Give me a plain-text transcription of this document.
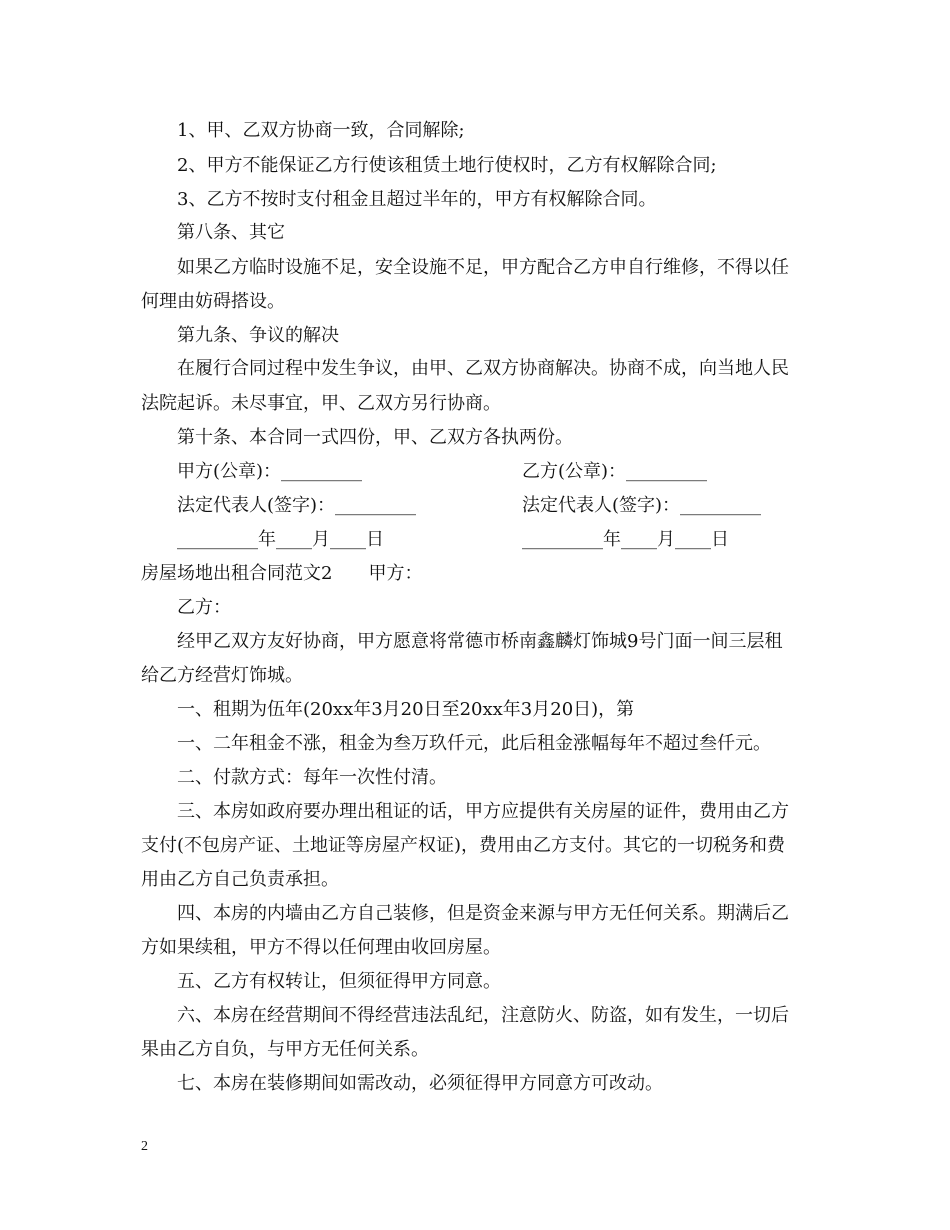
1、甲、乙双方协商一致，合同解除;
2、甲方不能保证乙方行使该租赁土地行使权时，乙方有权解除合同;
3、乙方不按时支付租金且超过半年的，甲方有权解除合同。
第八条、其它
如果乙方临时设施不足，安全设施不足，甲方配合乙方申自行维修，不得以任
何理由妨碍搭设。
第九条、争议的解决
在履行合同过程中发生争议，由甲、乙双方协商解决。协商不成，向当地人民
法院起诉。未尽事宜，甲、乙双方另行协商。
第十条、本合同一式四份，甲、乙双方各执两份。
甲方(公章)：_________	乙方(公章)：_________
法定代表人(签字)：_________	法定代表人(签字)：_________
_________年____月____日	_________年____月____日
房屋场地出租合同范文2　　甲方：
乙方：
经甲乙双方友好协商，甲方愿意将常德市桥南鑫麟灯饰城9号门面一间三层租
给乙方经营灯饰城。
一、租期为伍年(20xx年3月20日至20xx年3月20日)，第
一、二年租金不涨，租金为叁万玖仟元，此后租金涨幅每年不超过叁仟元。
二、付款方式：每年一次性付清。
三、本房如政府要办理出租证的话，甲方应提供有关房屋的证件，费用由乙方
支付(不包房产证、土地证等房屋产权证)，费用由乙方支付。其它的一切税务和费
用由乙方自己负责承担。
四、本房的内墙由乙方自己装修，但是资金来源与甲方无任何关系。期满后乙
方如果续租，甲方不得以任何理由收回房屋。
五、乙方有权转让，但须征得甲方同意。
六、本房在经营期间不得经营违法乱纪，注意防火、防盗，如有发生，一切后
果由乙方自负，与甲方无任何关系。
七、本房在装修期间如需改动，必须征得甲方同意方可改动。
2
